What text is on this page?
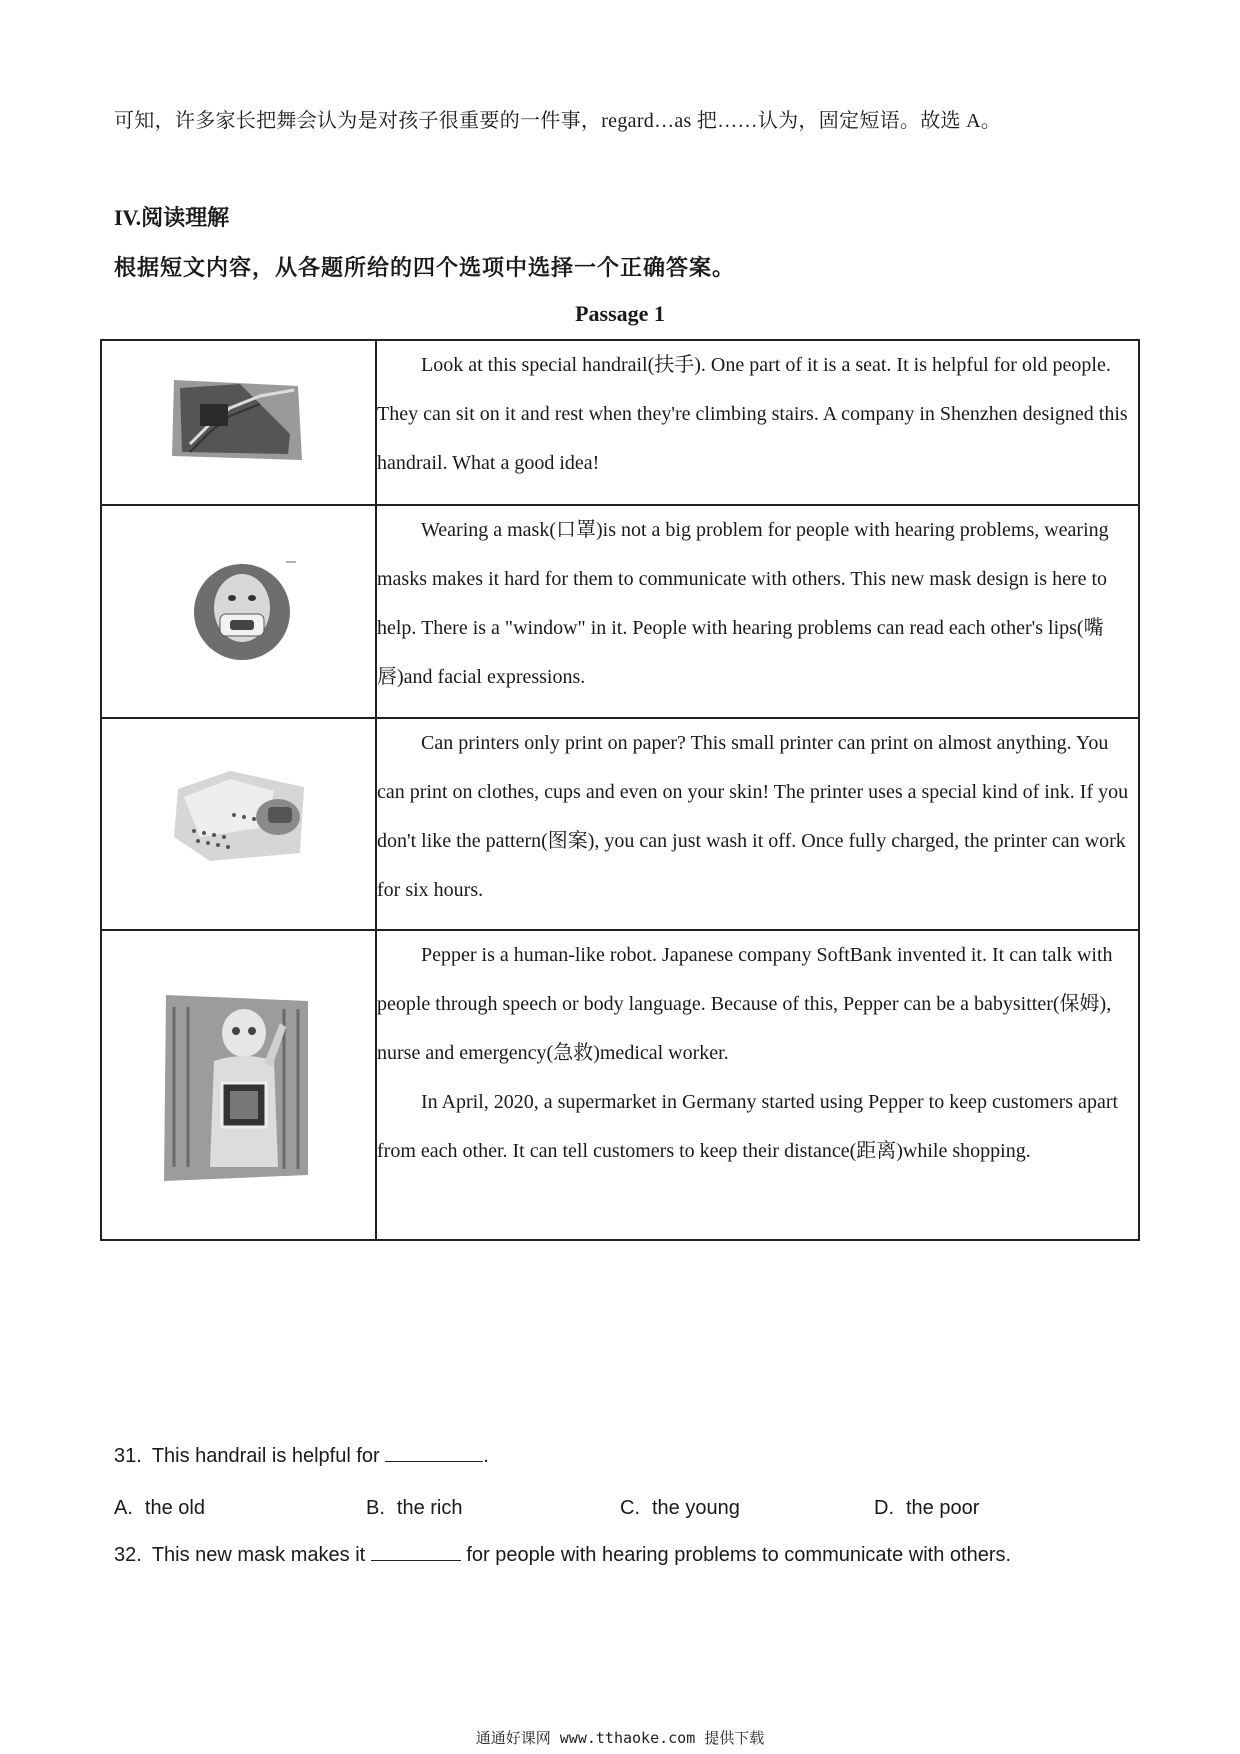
可知，许多家长把舞会认为是对孩子很重要的一件事，regard…as 把……认为，固定短语。故选 A。
IV.阅读理解
根据短文内容，从各题所给的四个选项中选择一个正确答案。
Passage 1

Look at this special handrail(扶手). One part of it is a seat. It is helpful for old people. They can sit on it and rest when they're climbing stairs. A company in Shenzhen designed this handrail. What a good idea!

Wearing a mask(口罩)is not a big problem for people with hearing problems, wearing masks makes it hard for them to communicate with others. This new mask design is here to help. There is a "window" in it. People with hearing problems can read each other's lips(嘴唇)and facial expressions.

Can printers only print on paper? This small printer can print on almost anything. You can print on clothes, cups and even on your skin! The printer uses a special kind of ink. If you don't like the pattern(图案), you can just wash it off. Once fully charged, the printer can work for six hours.

Pepper is a human-like robot. Japanese company SoftBank invented it. It can talk with people through speech or body language. Because of this, Pepper can be a babysitter(保姆), nurse and emergency(急救)medical worker.

In April, 2020, a supermarket in Germany started using Pepper to keep customers apart from each other. It can tell customers to keep their distance(距离)while shopping.

31. This handrail is helpful for	.
A. the old	B. the rich	C. the young	D. the poor
32. This new mask makes it	for people with hearing problems to communicate with others.
通通好课网 www.tthaoke.com 提供下载
